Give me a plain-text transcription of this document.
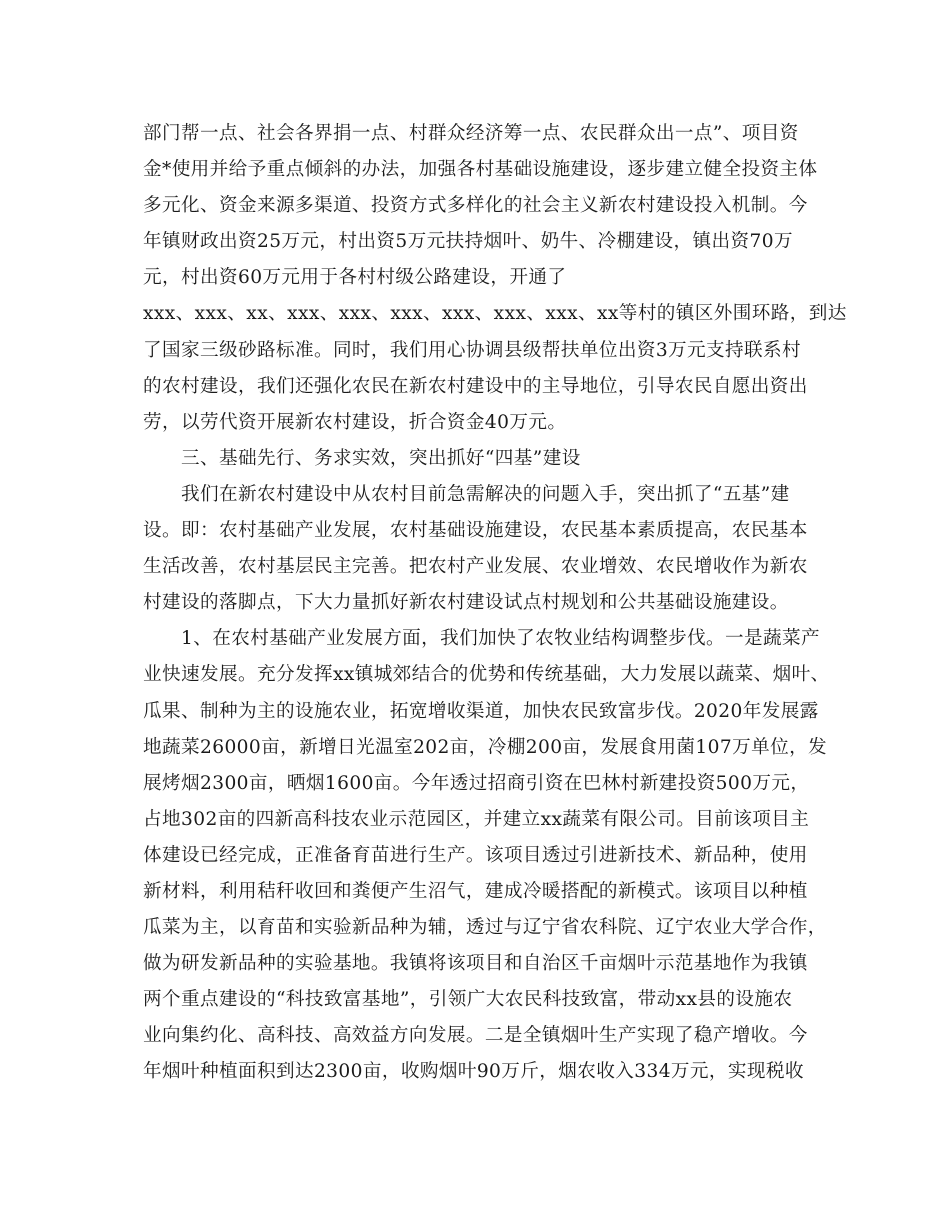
部门帮一点、社会各界捐一点、村群众经济筹一点、农民群众出一点”、项目资
金*使用并给予重点倾斜的办法，加强各村基础设施建设，逐步建立健全投资主体
多元化、资金来源多渠道、投资方式多样化的社会主义新农村建设投入机制。今
年镇财政出资25万元，村出资5万元扶持烟叶、奶牛、冷棚建设，镇出资70万
元，村出资60万元用于各村村级公路建设，开通了
xxx、xxx、xx、xxx、xxx、xxx、xxx、xxx、xxx、xx等村的镇区外围环路，到达
了国家三级砂路标准。同时，我们用心协调县级帮扶单位出资3万元支持联系村
的农村建设，我们还强化农民在新农村建设中的主导地位，引导农民自愿出资出
劳，以劳代资开展新农村建设，折合资金40万元。
三、基础先行、务求实效，突出抓好“四基”建设
我们在新农村建设中从农村目前急需解决的问题入手，突出抓了“五基”建
设。即：农村基础产业发展，农村基础设施建设，农民基本素质提高，农民基本
生活改善，农村基层民主完善。把农村产业发展、农业增效、农民增收作为新农
村建设的落脚点，下大力量抓好新农村建设试点村规划和公共基础设施建设。
1、在农村基础产业发展方面，我们加快了农牧业结构调整步伐。一是蔬菜产
业快速发展。充分发挥xx镇城郊结合的优势和传统基础，大力发展以蔬菜、烟叶、
瓜果、制种为主的设施农业，拓宽增收渠道，加快农民致富步伐。2020年发展露
地蔬菜26000亩，新增日光温室202亩，冷棚200亩，发展食用菌107万单位，发
展烤烟2300亩，晒烟1600亩。今年透过招商引资在巴林村新建投资500万元，
占地302亩的四新高科技农业示范园区，并建立xx蔬菜有限公司。目前该项目主
体建设已经完成，正准备育苗进行生产。该项目透过引进新技术、新品种，使用
新材料，利用秸秆收回和粪便产生沼气，建成冷暖搭配的新模式。该项目以种植
瓜菜为主，以育苗和实验新品种为辅，透过与辽宁省农科院、辽宁农业大学合作，
做为研发新品种的实验基地。我镇将该项目和自治区千亩烟叶示范基地作为我镇
两个重点建设的“科技致富基地”，引领广大农民科技致富，带动xx县的设施农
业向集约化、高科技、高效益方向发展。二是全镇烟叶生产实现了稳产增收。今
年烟叶种植面积到达2300亩，收购烟叶90万斤，烟农收入334万元，实现税收
